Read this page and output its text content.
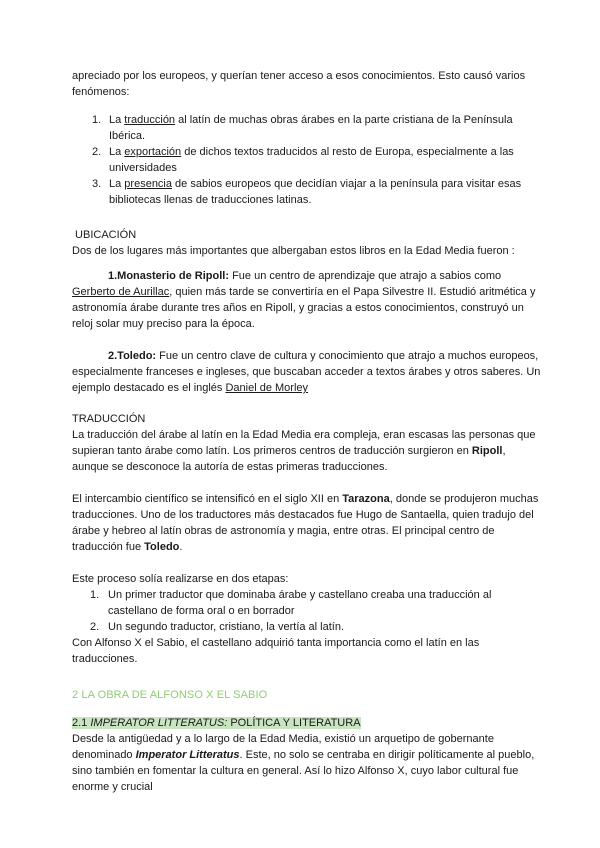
apreciado por los europeos, y querían tener acceso a esos conocimientos. Esto causó varios fenómenos:

1. La traducción al latín de muchas obras árabes en la parte cristiana de la Península Ibérica.
2. La exportación de dichos textos traducidos al resto de Europa, especialmente a las universidades
3. La presencia de sabios europeos que decidían viajar a la península para visitar esas bibliotecas llenas de traducciones latinas.

UBICACIÓN

Dos de los lugares más importantes que albergaban estos libros en la Edad Media fueron :

1.Monasterio de Ripoll: Fue un centro de aprendizaje que atrajo a sabios como Gerberto de Aurillac, quien más tarde se convertiría en el Papa Silvestre II. Estudió aritmética y astronomía árabe durante tres años en Ripoll, y gracias a estos conocimientos, construyó un reloj solar muy preciso para la época.

2.Toledo: Fue un centro clave de cultura y conocimiento que atrajo a muchos europeos, especialmente franceses e ingleses, que buscaban acceder a textos árabes y otros saberes. Un ejemplo destacado es el inglés Daniel de Morley

TRADUCCIÓN

La traducción del árabe al latín en la Edad Media era compleja, eran escasas las personas que supieran tanto árabe como latín. Los primeros centros de traducción surgieron en Ripoll, aunque se desconoce la autoría de estas primeras traducciones.

El intercambio científico se intensificó en el siglo XII en Tarazona, donde se produjeron muchas traducciones. Uno de los traductores más destacados fue Hugo de Santaella, quien tradujo del árabe y hebreo al latín obras de astronomía y magia, entre otras. El principal centro de traducción fue Toledo.

Este proceso solía realizarse en dos etapas:

1. Un primer traductor que dominaba árabe y castellano creaba una traducción al castellano de forma oral o en borrador
2. Un segundo traductor, cristiano, la vertía al latín.

Con Alfonso X el Sabio, el castellano adquirió tanta importancia como el latín en las traducciones.

2 LA OBRA DE ALFONSO X EL SABIO

2.1 IMPERATOR LITTERATUS: POLÍTICA Y LITERATURA

Desde la antigüedad y a lo largo de la Edad Media, existió un arquetipo de gobernante denominado Imperator Litteratus. Este, no solo se centraba en dirigir políticamente al pueblo, sino también en fomentar la cultura en general. Así lo hizo Alfonso X, cuyo labor cultural fue enorme y crucial
